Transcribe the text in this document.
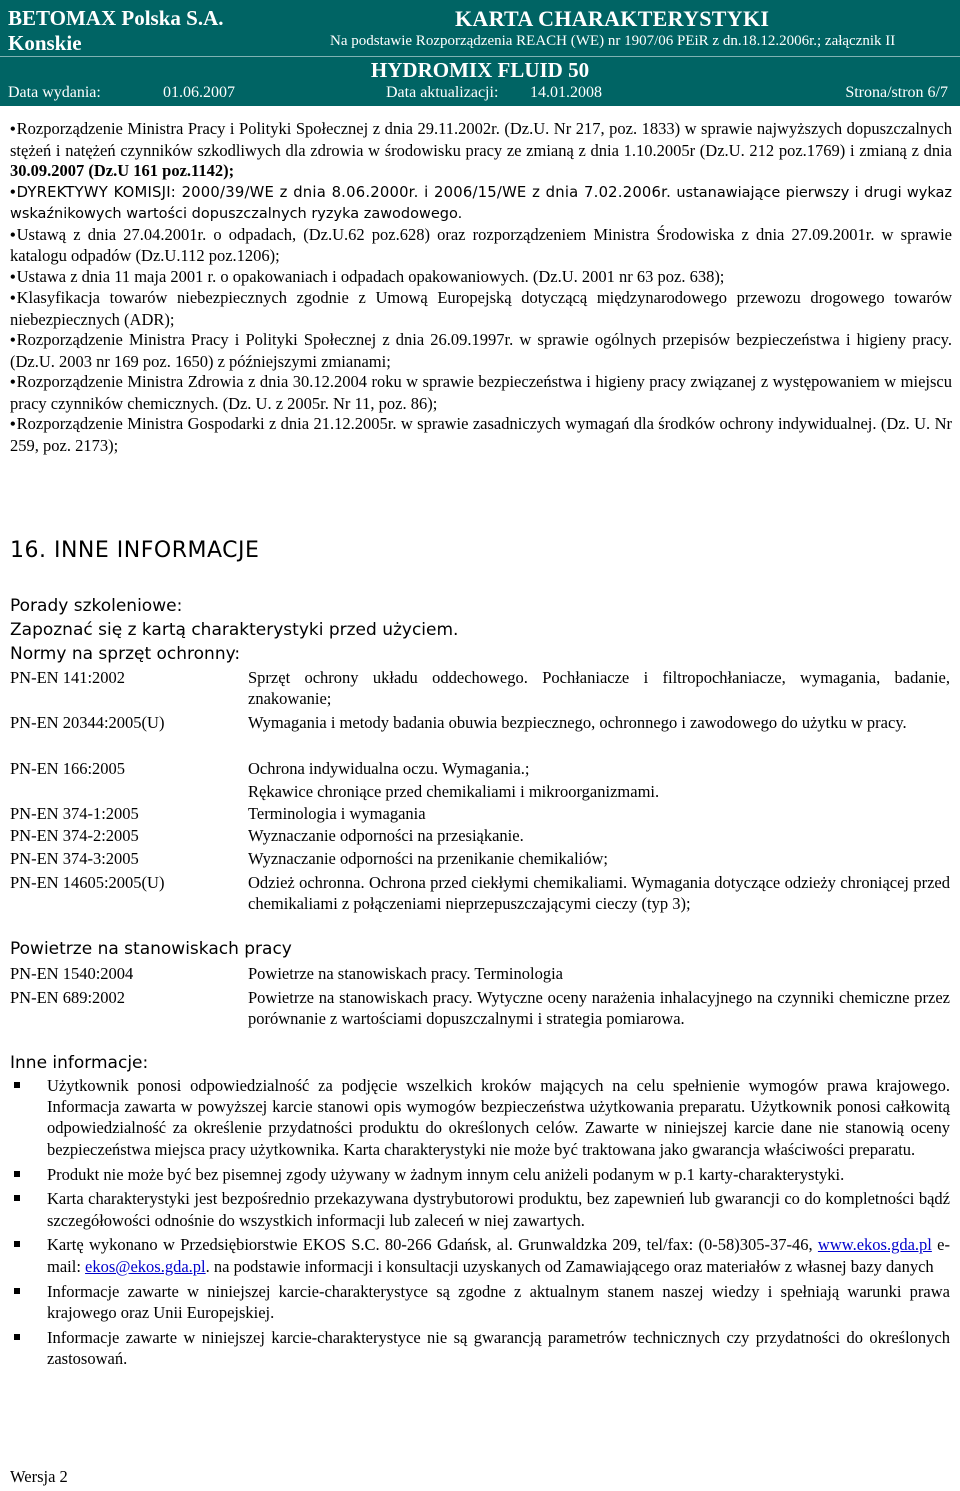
BETOMAX Polska S.A.
Konskie
KARTA CHARAKTERYSTYKI
Na podstawie Rozporządzenia REACH (WE) nr 1907/06 PEiR z dn.18.12.2006r.; załącznik II
HYDROMIX FLUID 50
Data wydania:	01.06.2007	Data aktualizacji: 14.01.2008	Strona/stron 6/7

• Rozporządzenie Ministra Pracy i Polityki Społecznej z dnia 29.11.2002r. (Dz.U. Nr 217, poz. 1833) w sprawie najwyższych dopuszczalnych stężeń i natężeń czynników szkodliwych dla zdrowia w środowisku pracy ze zmianą z dnia 1.10.2005r (Dz.U. 212 poz.1769) i zmianą z dnia 30.09.2007 (Dz.U 161 poz.1142);

• DYREKTYWY KOMISJI: 2000/39/WE z dnia 8.06.2000r. i 2006/15/WE z dnia 7.02.2006r. ustanawiające pierwszy i drugi wykaz wskaźnikowych wartości dopuszczalnych ryzyka zawodowego.

• Ustawą z dnia 27.04.2001r. o odpadach, (Dz.U.62 poz.628) oraz rozporządzeniem Ministra Środowiska z dnia 27.09.2001r. w sprawie katalogu odpadów (Dz.U.112 poz.1206);

• Ustawa z dnia 11 maja 2001 r. o opakowaniach i odpadach opakowaniowych. (Dz.U. 2001 nr 63 poz. 638);

• Klasyfikacja towarów niebezpiecznych zgodnie z Umową Europejską dotyczącą międzynarodowego przewozu drogowego towarów niebezpiecznych (ADR);

• Rozporządzenie Ministra Pracy i Polityki Społecznej z dnia 26.09.1997r. w sprawie ogólnych przepisów bezpieczeństwa i higieny pracy. (Dz.U. 2003 nr 169 poz. 1650) z późniejszymi zmianami;

• Rozporządzenie Ministra Zdrowia z dnia 30.12.2004 roku w sprawie bezpieczeństwa i higieny pracy związanej z występowaniem w miejscu pracy czynników chemicznych. (Dz. U. z 2005r. Nr 11, poz. 86);

• Rozporządzenie Ministra Gospodarki z dnia 21.12.2005r. w sprawie zasadniczych wymagań dla środków ochrony indywidualnej. (Dz. U. Nr 259, poz. 2173);

16. INNE INFORMACJE
Porady szkoleniowe:
Zapoznać się z kartą charakterystyki przed użyciem.
Normy na sprzęt ochronny:
PN-EN 141:2002	Sprzęt ochrony układu oddechowego. Pochłaniacze i filtropochłaniacze, wymagania, badanie, znakowanie;
PN-EN 20344:2005(U)	Wymagania i metody badania obuwia bezpiecznego, ochronnego i zawodowego do użytku w pracy.
PN-EN 166:2005	Ochrona indywidualna oczu. Wymagania.;
Rękawice chroniące przed chemikaliami i mikroorganizmami.
PN-EN 374-1:2005	Terminologia i wymagania
PN-EN 374-2:2005	Wyznaczanie odporności na przesiąkanie.
PN-EN 374-3:2005	Wyznaczanie odporności na przenikanie chemikaliów;
PN-EN 14605:2005(U)	Odzież ochronna. Ochrona przed ciekłymi chemikaliami. Wymagania dotyczące odzieży chroniącej przed chemikaliami z połączeniami nieprzepuszczającymi cieczy (typ 3);
Powietrze na stanowiskach pracy
PN-EN 1540:2004	Powietrze na stanowiskach pracy. Terminologia
PN-EN 689:2002	Powietrze na stanowiskach pracy. Wytyczne oceny narażenia inhalacyjnego na czynniki chemiczne przez porównanie z wartościami dopuszczalnymi i strategia pomiarowa.
Inne informacje:
Użytkownik ponosi odpowiedzialność za podjęcie wszelkich kroków mających na celu spełnienie wymogów prawa krajowego. Informacja zawarta w powyższej karcie stanowi opis wymogów bezpieczeństwa użytkowania preparatu. Użytkownik ponosi całkowitą odpowiedzialność za określenie przydatności produktu do określonych celów. Zawarte w niniejszej karcie dane nie stanowią oceny bezpieczeństwa miejsca pracy użytkownika. Karta charakterystyki nie może być traktowana jako gwarancja właściwości preparatu.
Produkt nie może być bez pisemnej zgody używany w żadnym innym celu aniżeli podanym w p.1 karty-charakterystyki.
Karta charakterystyki jest bezpośrednio przekazywana dystrybutorowi produktu, bez zapewnień lub gwarancji co do kompletności bądź szczegółowości odnośnie do wszystkich informacji lub zaleceń w niej zawartych.
Kartę wykonano w Przedsiębiorstwie EKOS S.C. 80-266 Gdańsk, al. Grunwaldzka 209, tel/fax: (0-58)305-37-46, www.ekos.gda.pl e-mail: ekos@ekos.gda.pl. na podstawie informacji i konsultacji uzyskanych od Zamawiającego oraz materiałów z własnej bazy danych
Informacje zawarte w niniejszej karcie-charakterystyce są zgodne z aktualnym stanem naszej wiedzy i spełniają warunki prawa krajowego oraz Unii Europejskiej.
Informacje zawarte w niniejszej karcie-charakterystyce nie są gwarancją parametrów technicznych czy przydatności do określonych zastosowań.
Wersja 2
